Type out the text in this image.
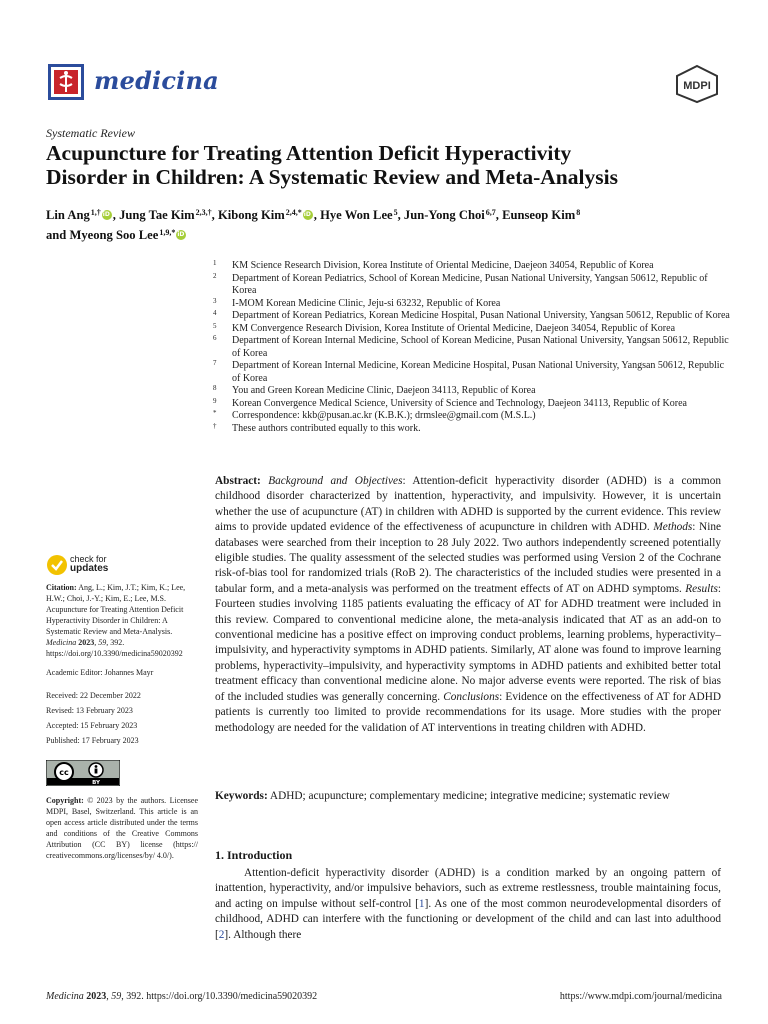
medicina	MDPI
Systematic Review
Acupuncture for Treating Attention Deficit Hyperactivity
Disorder in Children: A Systematic Review and Meta-Analysis
Lin Ang$^{1,\dagger}$ iD , Jung Tae Kim$^{2,3,\dagger}$, Kibong Kim$^{2,4,*}$ iD , Hye Won Lee$^5$, Jun-Yong Choi$^{6,7}$, Eunseop Kim$^8$
and Myeong Soo Lee$^{1,9,*}$iD
1	KM Science Research Division, Korea Institute of Oriental Medicine, Daejeon 34054, Republic of Korea
2	Department of Korean Pediatrics, School of Korean Medicine, Pusan National University, Yangsan 50612, Republic of Korea
3	I-MOM Korean Medicine Clinic, Jeju-si 63232, Republic of Korea
4	Department of Korean Pediatrics, Korean Medicine Hospital, Pusan National University, Yangsan 50612, Republic of Korea
5	KM Convergence Research Division, Korea Institute of Oriental Medicine, Daejeon 34054, Republic of Korea
6	Department of Korean Internal Medicine, School of Korean Medicine, Pusan National University, Yangsan 50612, Republic of Korea
7	Department of Korean Internal Medicine, Korean Medicine Hospital, Pusan National University, Yangsan 50612, Republic of Korea
8	You and Green Korean Medicine Clinic, Daejeon 34113, Republic of Korea
9	Korean Convergence Medical Science, University of Science and Technology, Daejeon 34113, Republic of Korea
*	Correspondence: kkb@pusan.ac.kr (K.B.K.); drmslee@gmail.com (M.S.L.)
†	These authors contributed equally to this work.
Abstract: Background and Objectives: Attention-deficit hyperactivity disorder (ADHD) is a common childhood disorder characterized by inattention, hyperactivity, and impulsivity. However, it is uncertain whether the use of acupuncture (AT) in children with ADHD is supported by the current evidence. This review aims to provide updated evidence of the effectiveness of acupuncture in children with ADHD. Methods: Nine databases were searched from their inception to 28 July 2022. Two authors independently screened potentially eligible studies. The quality assessment of the selected studies was performed using Version 2 of the Cochrane risk-of-bias tool for randomized trials (RoB 2). The characteristics of the included studies were presented in a tabular form, and a meta-analysis was performed on the treatment effects of AT on ADHD symptoms. Results: Fourteen studies involving 1185 patients evaluating the efficacy of AT for ADHD treatment were included in this review. Compared to conventional medicine alone, the meta-analysis indicated that AT as an add-on to conventional medicine has a positive effect on improving conduct problems, learning problems, hyperactivity–impulsivity, and hyperactivity symptoms in ADHD patients. Similarly, AT alone was found to improve learning problems, hyperactivity–impulsivity, and hyperactivity symptoms in ADHD patients and exhibited better total treatment efficacy than conventional medicine alone. No major adverse events were reported. The risk of bias of the included studies was generally concerning. Conclusions: Evidence on the effectiveness of AT for ADHD patients is currently too limited to provide recommendations for its usage. More studies with the proper methodology are needed for the validation of AT interventions in treating children with ADHD.
Keywords: ADHD; acupuncture; complementary medicine; integrative medicine; systematic review
1. Introduction
Attention-deficit hyperactivity disorder (ADHD) is a condition marked by an ongoing pattern of inattention, hyperactivity, and/or impulsive behaviors, such as extreme restlessness, trouble maintaining focus, and acting on impulse without self-control [1]. As one of the most common neurodevelopmental disorders of childhood, ADHD can interfere with the functioning or development of the child and can last into adulthood [2]. Although there
check for
updates
Citation: Ang, L.; Kim, J.T.; Kim, K.; Lee, H.W.; Choi, J.-Y.; Kim, E.; Lee, M.S. Acupuncture for Treating Attention Deficit Hyperactivity Disorder in Children: A Systematic Review and Meta-Analysis. Medicina 2023, 59, 392. https://doi.org/10.3390/medicina59020392
Academic Editor: Johannes Mayr
Received: 22 December 2022
Revised: 13 February 2023
Accepted: 15 February 2023
Published: 17 February 2023
cc
BY
Copyright: © 2023 by the authors. Licensee MDPI, Basel, Switzerland. This article is an open access article distributed under the terms and conditions of the Creative Commons Attribution (CC BY) license (https:// creativecommons.org/licenses/by/ 4.0/).
Medicina 2023, 59, 392. https://doi.org/10.3390/medicina59020392	https://www.mdpi.com/journal/medicina
